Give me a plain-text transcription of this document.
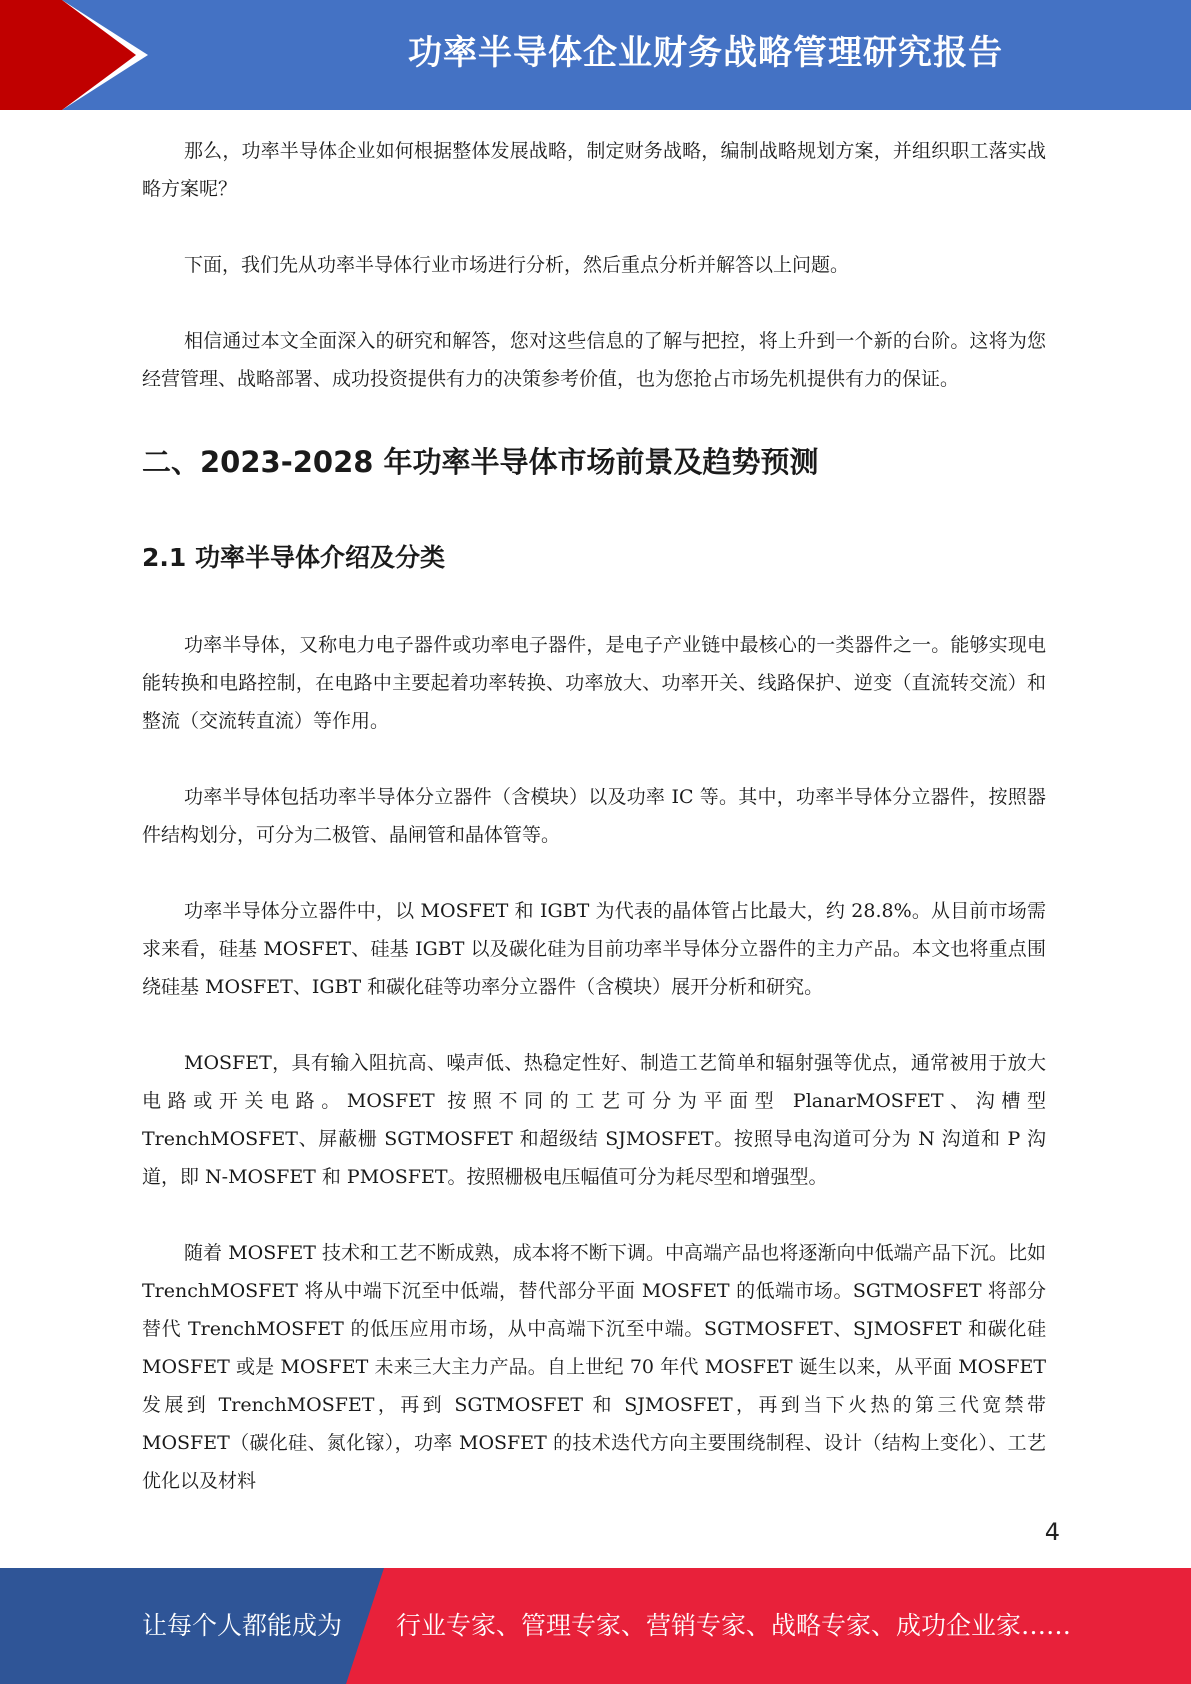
功率半导体企业财务战略管理研究报告

那么，功率半导体企业如何根据整体发展战略，制定财务战略，编制战略规划方案，并组织职工落实战略方案呢？

下面，我们先从功率半导体行业市场进行分析，然后重点分析并解答以上问题。

相信通过本文全面深入的研究和解答，您对这些信息的了解与把控，将上升到一个新的台阶。这将为您经营管理、战略部署、成功投资提供有力的决策参考价值，也为您抢占市场先机提供有力的保证。

二、2023-2028 年功率半导体市场前景及趋势预测
2.1 功率半导体介绍及分类

功率半导体，又称电力电子器件或功率电子器件，是电子产业链中最核心的一类器件之一。能够实现电能转换和电路控制，在电路中主要起着功率转换、功率放大、功率开关、线路保护、逆变（直流转交流）和整流（交流转直流）等作用。

功率半导体包括功率半导体分立器件（含模块）以及功率 IC 等。其中，功率半导体分立器件，按照器件结构划分，可分为二极管、晶闸管和晶体管等。

功率半导体分立器件中，以 MOSFET 和 IGBT 为代表的晶体管占比最大，约 28.8%。从目前市场需求来看，硅基 MOSFET、硅基 IGBT 以及碳化硅为目前功率半导体分立器件的主力产品。本文也将重点围绕硅基 MOSFET、IGBT 和碳化硅等功率分立器件（含模块）展开分析和研究。

MOSFET，具有输入阻抗高、噪声低、热稳定性好、制造工艺简单和辐射强等优点，通常被用于放大电路或开关电路。MOSFET 按照不同的工艺可分为平面型 PlanarMOSFET、沟槽型 TrenchMOSFET、屏蔽栅 SGTMOSFET 和超级结 SJMOSFET。按照导电沟道可分为 N 沟道和 P 沟道，即 N-MOSFET 和 PMOSFET。按照栅极电压幅值可分为耗尽型和增强型。

随着 MOSFET 技术和工艺不断成熟，成本将不断下调。中高端产品也将逐渐向中低端产品下沉。比如 TrenchMOSFET 将从中端下沉至中低端，替代部分平面 MOSFET 的低端市场。SGTMOSFET 将部分替代 TrenchMOSFET 的低压应用市场，从中高端下沉至中端。SGTMOSFET、SJMOSFET 和碳化硅 MOSFET 或是 MOSFET 未来三大主力产品。自上世纪 70 年代 MOSFET 诞生以来，从平面 MOSFET 发展到 TrenchMOSFET，再到 SGTMOSFET 和 SJMOSFET，再到当下火热的第三代宽禁带 MOSFET（碳化硅、氮化镓），功率 MOSFET 的技术迭代方向主要围绕制程、设计（结构上变化）、工艺优化以及材料

4
让每个人都能成为 行业专家、管理专家、营销专家、战略专家、成功企业家……
